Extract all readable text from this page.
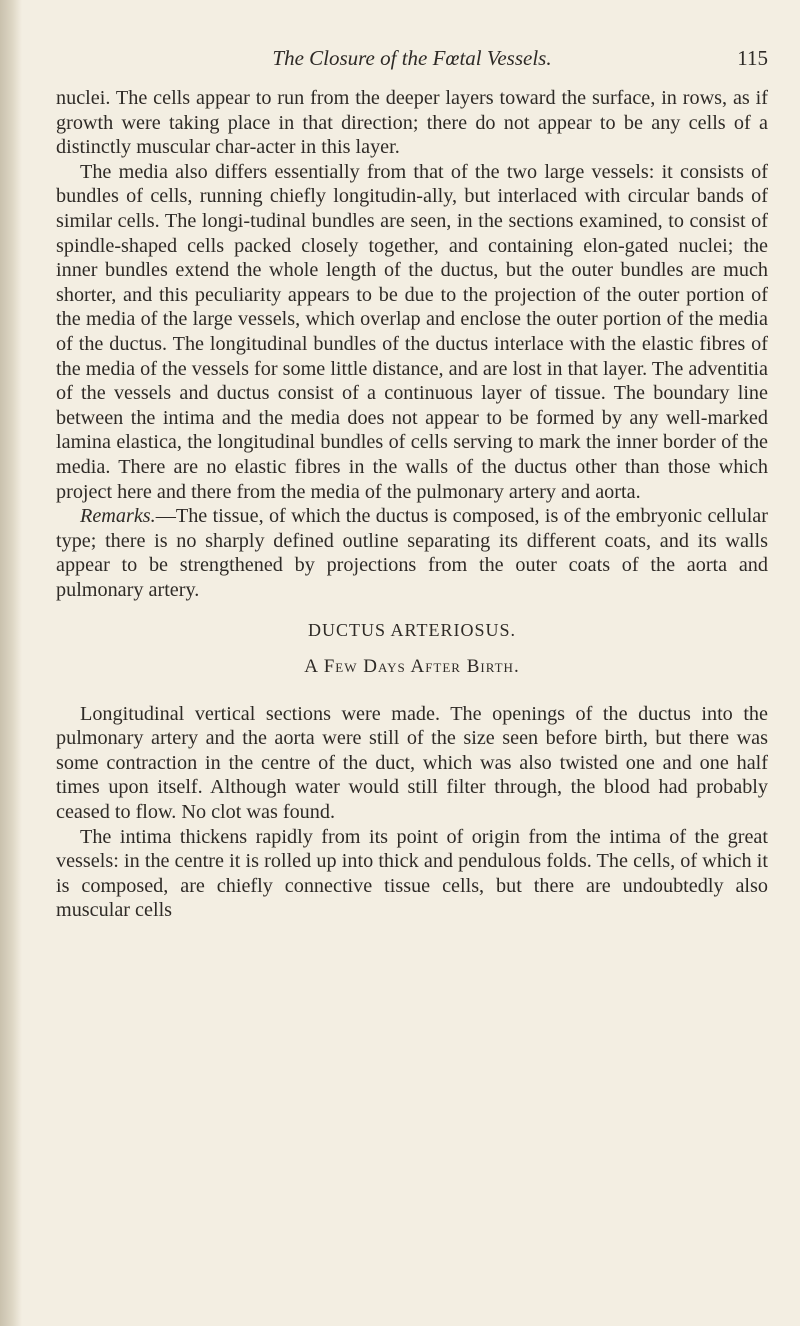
The Closure of the Fœtal Vessels.	115

nuclei. The cells appear to run from the deeper layers toward the surface, in rows, as if growth were taking place in that direction; there do not appear to be any cells of a distinctly muscular char-acter in this layer.

The media also differs essentially from that of the two large vessels: it consists of bundles of cells, running chiefly longitudin-ally, but interlaced with circular bands of similar cells. The longi-tudinal bundles are seen, in the sections examined, to consist of spindle-shaped cells packed closely together, and containing elon-gated nuclei; the inner bundles extend the whole length of the ductus, but the outer bundles are much shorter, and this peculiarity appears to be due to the projection of the outer portion of the media of the large vessels, which overlap and enclose the outer portion of the media of the ductus. The longitudinal bundles of the ductus interlace with the elastic fibres of the media of the vessels for some little distance, and are lost in that layer. The adventitia of the vessels and ductus consist of a continuous layer of tissue. The boundary line between the intima and the media does not appear to be formed by any well-marked lamina elastica, the longitudinal bundles of cells serving to mark the inner border of the media. There are no elastic fibres in the walls of the ductus other than those which project here and there from the media of the pulmonary artery and aorta.

Remarks.—The tissue, of which the ductus is composed, is of the embryonic cellular type; there is no sharply defined outline separating its different coats, and its walls appear to be strengthened by projections from the outer coats of the aorta and pulmonary artery.

DUCTUS ARTERIOSUS.
A Few Days After Birth.

Longitudinal vertical sections were made. The openings of the ductus into the pulmonary artery and the aorta were still of the size seen before birth, but there was some contraction in the centre of the duct, which was also twisted one and one half times upon itself. Although water would still filter through, the blood had probably ceased to flow. No clot was found.

The intima thickens rapidly from its point of origin from the intima of the great vessels: in the centre it is rolled up into thick and pendulous folds. The cells, of which it is composed, are chiefly connective tissue cells, but there are undoubtedly also muscular cells
